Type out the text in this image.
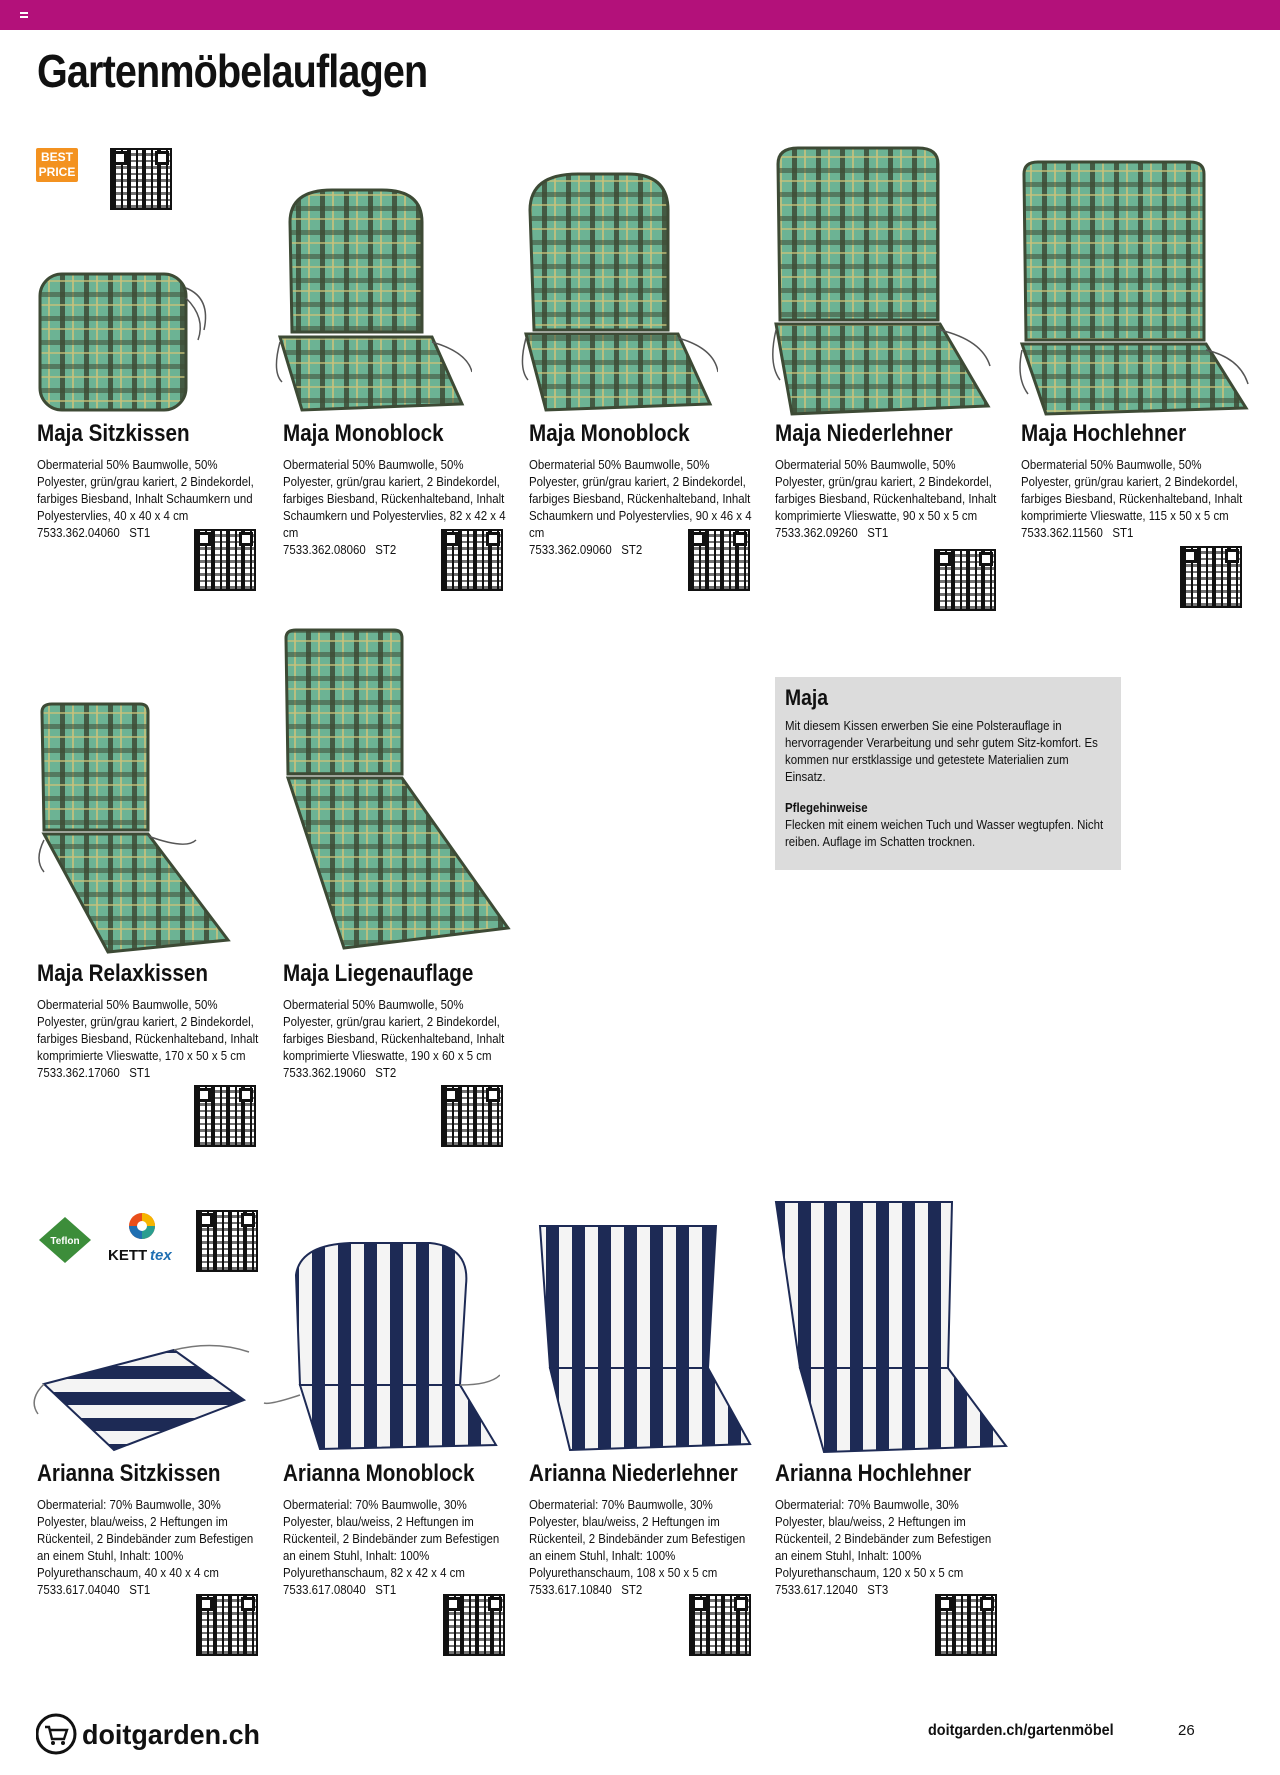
Gartenmöbelauflagen
BEST
PRICE
Maja Sitzkissen
Obermaterial 50% Baumwolle, 50% Polyester, grün/grau kariert, 2 Bindekordel, farbiges Biesband, Inhalt Schaumkern und Polyestervlies, 40 x 40 x 4 cm
7533.362.04060   ST1
Maja Monoblock
Obermaterial 50% Baumwolle, 50% Polyester, grün/grau kariert, 2 Bindekordel, farbiges Biesband, Rückenhalteband, Inhalt Schaumkern und Polyestervlies, 82 x 42 x 4 cm
7533.362.08060   ST2
Maja Monoblock
Obermaterial 50% Baumwolle, 50% Polyester, grün/grau kariert, 2 Bindekordel, farbiges Biesband, Rückenhalteband, Inhalt Schaumkern und Polyestervlies, 90 x 46 x 4 cm
7533.362.09060   ST2
Maja Niederlehner
Obermaterial 50% Baumwolle, 50% Polyester, grün/grau kariert, 2 Bindekordel, farbiges Biesband, Rückenhalteband, Inhalt komprimierte Vlieswatte, 90 x 50 x 5 cm
7533.362.09260   ST1
Maja Hochlehner
Obermaterial 50% Baumwolle, 50% Polyester, grün/grau kariert, 2 Bindekordel, farbiges Biesband, Rückenhalteband, Inhalt komprimierte Vlieswatte, 115 x 50 x 5 cm
7533.362.11560   ST1
Maja Relaxkissen
Obermaterial 50% Baumwolle, 50% Polyester, grün/grau kariert, 2 Bindekordel, farbiges Biesband, Rückenhalteband, Inhalt komprimierte Vlieswatte, 170 x 50 x 5 cm
7533.362.17060   ST1
Maja Liegenauflage
Obermaterial 50% Baumwolle, 50% Polyester, grün/grau kariert, 2 Bindekordel, farbiges Biesband, Rückenhalteband, Inhalt komprimierte Vlieswatte, 190 x 60 x 5 cm
7533.362.19060   ST2
Maja

Mit diesem Kissen erwerben Sie eine Polsterauflage in hervorragender Verarbeitung und sehr gutem Sitz-komfort. Es kommen nur erstklassige und getestete Materialien zum Einsatz.

Pflegehinweise

Flecken mit einem weichen Tuch und Wasser wegtupfen. Nicht reiben. Auflage im Schatten trocknen.

Teflon
KETT tex
Arianna Sitzkissen
Obermaterial: 70% Baumwolle, 30% Polyester, blau/weiss, 2 Heftungen im Rückenteil, 2 Bindebänder zum Befestigen an einem Stuhl, Inhalt: 100% Polyurethanschaum, 40 x 40 x 4 cm
7533.617.04040   ST1
Arianna Monoblock
Obermaterial: 70% Baumwolle, 30% Polyester, blau/weiss, 2 Heftungen im Rückenteil, 2 Bindebänder zum Befestigen an einem Stuhl, Inhalt: 100% Polyurethanschaum, 82 x 42 x 4 cm
7533.617.08040   ST1
Arianna Niederlehner
Obermaterial: 70% Baumwolle, 30% Polyester, blau/weiss, 2 Heftungen im Rückenteil, 2 Bindebänder zum Befestigen an einem Stuhl, Inhalt: 100% Polyurethanschaum, 108 x 50 x 5 cm
7533.617.10840   ST2
Arianna Hochlehner
Obermaterial: 70% Baumwolle, 30% Polyester, blau/weiss, 2 Heftungen im Rückenteil, 2 Bindebänder zum Befestigen an einem Stuhl, Inhalt: 100% Polyurethanschaum, 120 x 50 x 5 cm
7533.617.12040   ST3
doitgarden.ch	doitgarden.ch/gartenmöbel	26
